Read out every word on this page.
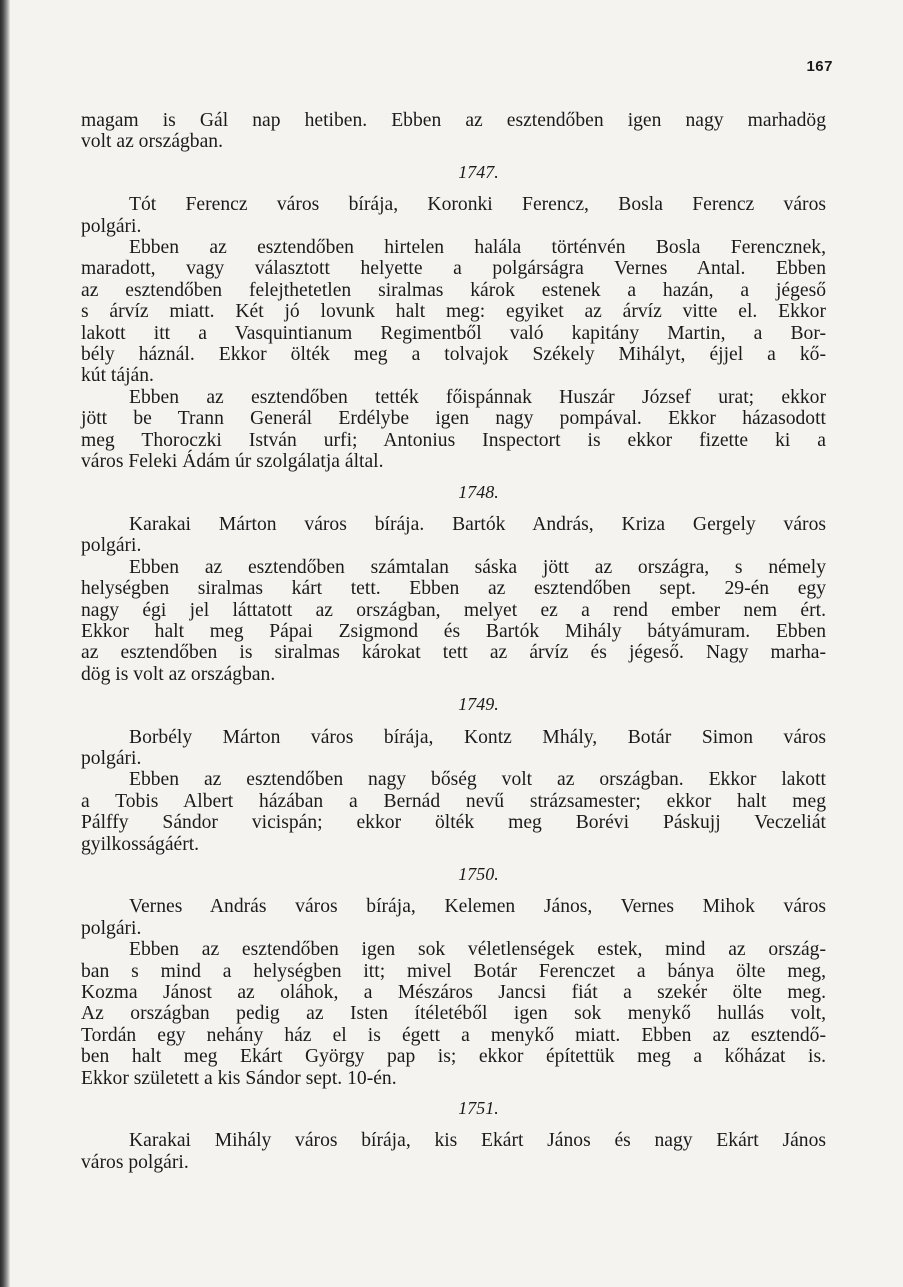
167
magam is Gál nap hetiben. Ebben az esztendőben igen nagy marhadög
volt az országban.
1747.
Tót Ferencz város bírája, Koronki Ferencz, Bosla Ferencz város
polgári.
Ebben az esztendőben hirtelen halála történvén Bosla Ferencznek,
maradott, vagy választott helyette a polgárságra Vernes Antal. Ebben
az esztendőben felejthetetlen siralmas károk estenek a hazán, a jégeső
s árvíz miatt. Két jó lovunk halt meg: egyiket az árvíz vitte el. Ekkor
lakott itt a Vasquintianum Regimentből való kapitány Martin, a Bor-
bély háznál. Ekkor ölték meg a tolvajok Székely Mihályt, éjjel a kő-
kút táján.
Ebben az esztendőben tették főispánnak Huszár József urat; ekkor
jött be Trann Generál Erdélybe igen nagy pompával. Ekkor házasodott
meg Thoroczki István urfi; Antonius Inspectort is ekkor fizette ki a
város Feleki Ádám úr szolgálatja által.
1748.
Karakai Márton város bírája. Bartók András, Kriza Gergely város
polgári.
Ebben az esztendőben számtalan sáska jött az országra, s némely
helységben siralmas kárt tett. Ebben az esztendőben sept. 29-én egy
nagy égi jel láttatott az országban, melyet ez a rend ember nem ért.
Ekkor halt meg Pápai Zsigmond és Bartók Mihály bátyámuram. Ebben
az esztendőben is siralmas károkat tett az árvíz és jégeső. Nagy marha-
dög is volt az országban.
1749.
Borbély Márton város bírája, Kontz Mhály, Botár Simon város
polgári.
Ebben az esztendőben nagy bőség volt az országban. Ekkor lakott
a Tobis Albert házában a Bernád nevű strázsamester; ekkor halt meg
Pálffy Sándor vicispán; ekkor ölték meg Borévi Páskujj Veczeliát
gyilkosságáért.
1750.
Vernes András város bírája, Kelemen János, Vernes Mihok város
polgári.
Ebben az esztendőben igen sok véletlenségek estek, mind az ország-
ban s mind a helységben itt; mivel Botár Ferenczet a bánya ölte meg,
Kozma Jánost az oláhok, a Mészáros Jancsi fiát a szekér ölte meg.
Az országban pedig az Isten ítéletéből igen sok menykő hullás volt,
Tordán egy nehány ház el is égett a menykő miatt. Ebben az esztendő-
ben halt meg Ekárt György pap is; ekkor építettük meg a kőházat is.
Ekkor született a kis Sándor sept. 10-én.
1751.
Karakai Mihály város bírája, kis Ekárt János és nagy Ekárt János
város polgári.
